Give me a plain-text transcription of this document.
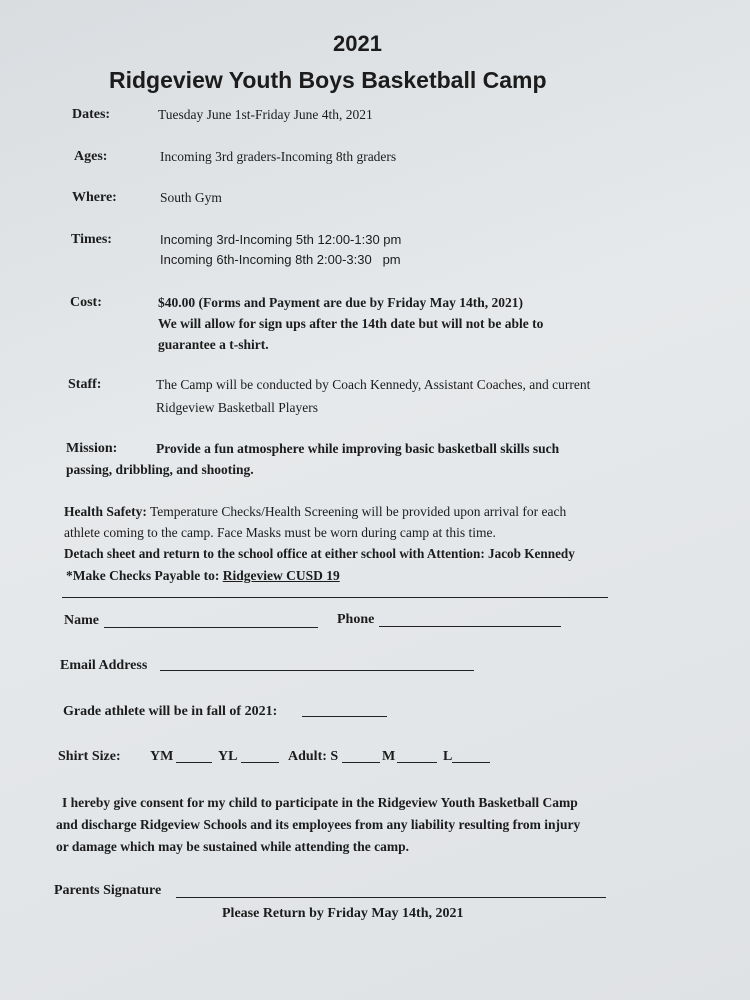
2021
Ridgeview Youth Boys Basketball Camp
Dates:	Tuesday June 1st-Friday June 4th, 2021
Ages:	Incoming 3rd graders-Incoming 8th graders
Where:	South Gym
Times:	Incoming 3rd-Incoming 5th 12:00-1:30 pm
Incoming 6th-Incoming 8th 2:00-3:30   pm
Cost:	$40.00 (Forms and Payment are due by Friday May 14th, 2021)
We will allow for sign ups after the 14th date but will not be able to
guarantee a t-shirt.
Staff:	The Camp will be conducted by Coach Kennedy, Assistant Coaches, and current
Ridgeview Basketball Players
Mission:	Provide a fun atmosphere while improving basic basketball skills such
passing, dribbling, and shooting.
Health Safety: Temperature Checks/Health Screening will be provided upon arrival for each
athlete coming to the camp. Face Masks must be worn during camp at this time.
Detach sheet and return to the school office at either school with Attention: Jacob Kennedy
*Make Checks Payable to: Ridgeview CUSD 19
Name	Phone
Email Address
Grade athlete will be in fall of 2021:
Shirt Size: YM	YL	Adult: S	M	L
I hereby give consent for my child to participate in the Ridgeview Youth Basketball Camp
and discharge Ridgeview Schools and its employees from any liability resulting from injury
or damage which may be sustained while attending the camp.
Parents Signature
Please Return by Friday May 14th, 2021
